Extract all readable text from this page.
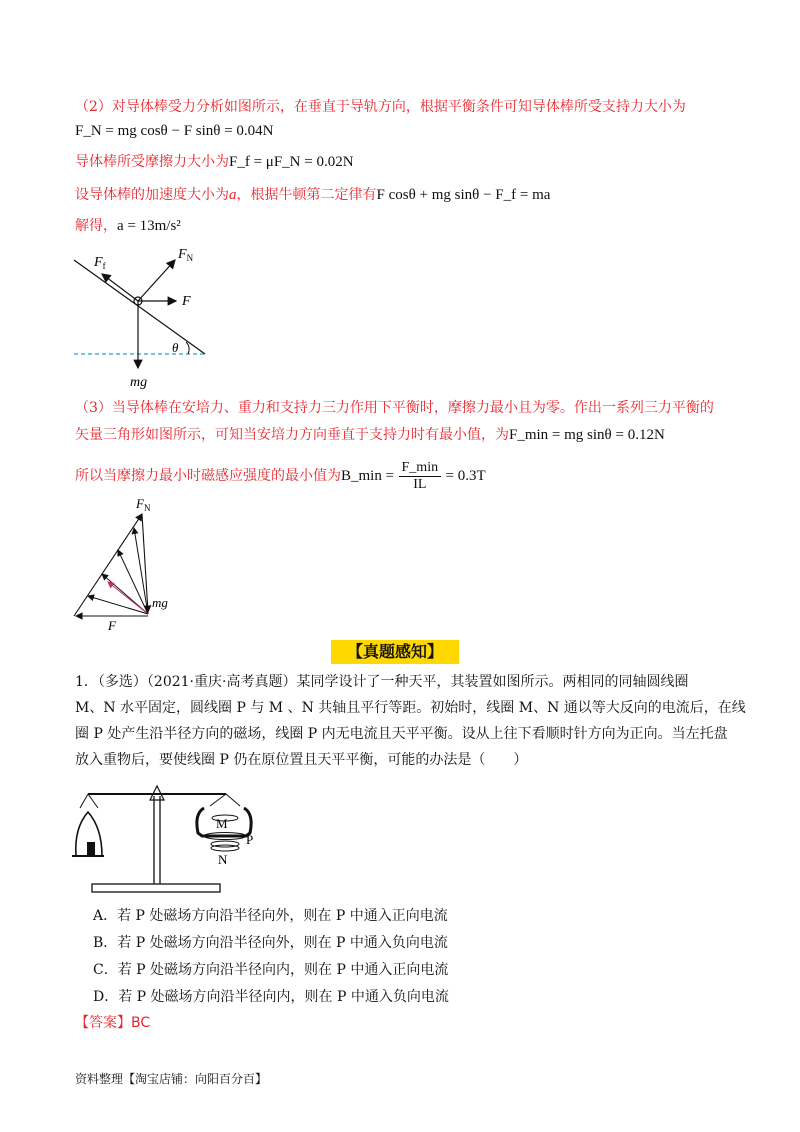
（2）对导体棒受力分析如图所示，在垂直于导轨方向，根据平衡条件可知导体棒所受支持力大小为
F_N = mg cosθ − F sinθ = 0.04N
导体棒所受摩擦力大小为F_f = μF_N = 0.02N
设导体棒的加速度大小为a，根据牛顿第二定律有F cosθ + mg sinθ − F_f = ma
解得，a = 13m/s²
$F_N$
$F_f$
F
θ
mg
（3）当导体棒在安培力、重力和支持力三力作用下平衡时，摩擦力最小且为零。作出一系列三力平衡的
矢量三角形如图所示，可知当安培力方向垂直于支持力时有最小值，为F_min = mg sinθ = 0.12N
所以当摩擦力最小时磁感应强度的最小值为B_min = $\frac{F\_\min}{IL} = 0.3T$
$F_N$
mg
F
【真题感知】
1．（多选）（2021·重庆·高考真题）某同学设计了一种天平，其装置如图所示。两相同的同轴圆线圈
M、N 水平固定，圆线圈 P 与 M 、N 共轴且平行等距。初始时，线圈 M、N 通以等大反向的电流后，在线
圈 P 处产生沿半径方向的磁场，线圈 P 内无电流且天平平衡。设从上往下看顺时针方向为正向。当左托盘
放入重物后，要使线圈 P 仍在原位置且天平平衡，可能的办法是（　　）
M
P
N
A．若 P 处磁场方向沿半径向外，则在 P 中通入正向电流
B．若 P 处磁场方向沿半径向外，则在 P 中通入负向电流
C．若 P 处磁场方向沿半径向内，则在 P 中通入正向电流
D．若 P 处磁场方向沿半径向内，则在 P 中通入负向电流
【答案】BC
资料整理【淘宝店铺：向阳百分百】
